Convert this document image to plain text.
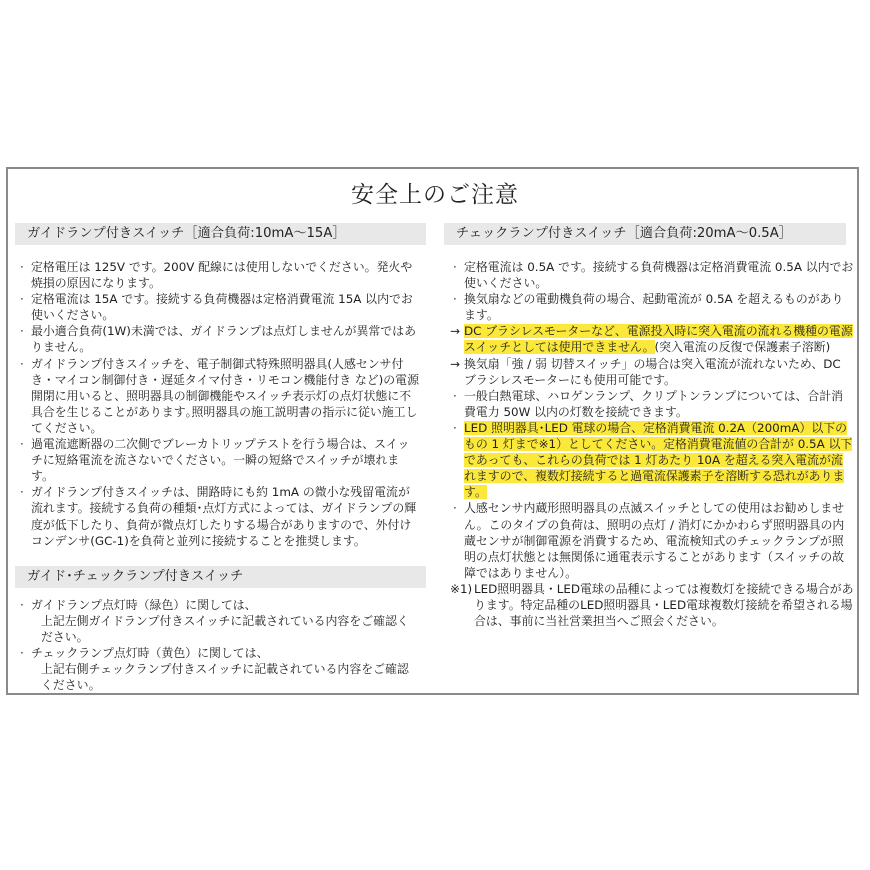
安全上のご注意
ガイドランプ付きスイッチ［適合負荷:10mA〜15A］
· 定格電圧は 125V です。200V 配線には使用しないでください。発火や焼損の原因になります。
· 定格電流は 15A です。接続する負荷機器は定格消費電流 15A 以内でお使いください。
· 最小適合負荷(1W)未満では、ガイドランプは点灯しませんが異常ではありません。
· ガイドランプ付きスイッチを、電子制御式特殊照明器具(人感センサ付き・マイコン制御付き・遅延タイマ付き・リモコン機能付き など)の電源開閉に用いると、照明器具の制御機能やスイッチ表示灯の点灯状態に不具合を生じることがあります｡照明器具の施工説明書の指示に従い施工してください。
· 過電流遮断器の二次側でブレーカトリップテストを行う場合は、スイッチに短絡電流を流さないでください。一瞬の短絡でスイッチが壊れます。
· ガイドランプ付きスイッチは、開路時にも約 1mA の微小な残留電流が流れます。接続する負荷の種類･点灯方式によっては、ガイドランプの輝度が低下したり、負荷が微点灯したりする場合がありますので、外付けコンデンサ(GC-1)を負荷と並列に接続することを推奨します。
ガイド･チェックランプ付きスイッチ
· ガイドランプ点灯時（緑色）に関しては、
上記左側ガイドランプ付きスイッチに記載されている内容をご確認ください。
· チェックランプ点灯時（黄色）に関しては、
上記右側チェックランプ付きスイッチに記載されている内容をご確認ください。
チェックランプ付きスイッチ［適合負荷:20mA〜0.5A］
· 定格電流は 0.5A です。接続する負荷機器は定格消費電流 0.5A 以内でお使いください。
· 換気扇などの電動機負荷の場合、起動電流が 0.5A を超えるものがあります。
→ DC ブラシレスモーターなど、電源投入時に突入電流の流れる機種の電源スイッチとしては使用できません。(突入電流の反復で保護素子溶断)
→ 換気扇「強 / 弱 切替スイッチ」の場合は突入電流が流れないため、DC ブラシレスモーターにも使用可能です。
· 一般白熱電球、ハロゲンランプ、クリプトンランプについては、合計消費電力 50W 以内の灯数を接続できます。
· LED 照明器具･LED 電球の場合、定格消費電流 0.2A（200mA）以下のもの 1 灯まで※1）としてください。定格消費電流値の合計が 0.5A 以下であっても、これらの負荷では 1 灯あたり 10A を超える突入電流が流れますので、複数灯接続すると過電流保護素子を溶断する恐れがあります。
· 人感センサ内蔵形照明器具の点滅スイッチとしての使用はお勧めしません。このタイプの負荷は、照明の点灯 / 消灯にかかわらず照明器具の内蔵センサが制御電源を消費するため、電流検知式のチェックランプが照明の点灯状態とは無関係に通電表示することがあります（スイッチの故障ではありません）。
※1) LED照明器具・LED電球の品種によっては複数灯を接続できる場合があります。特定品種のLED照明器具・LED電球複数灯接続を希望される場合は、事前に当社営業担当へご照会ください。
